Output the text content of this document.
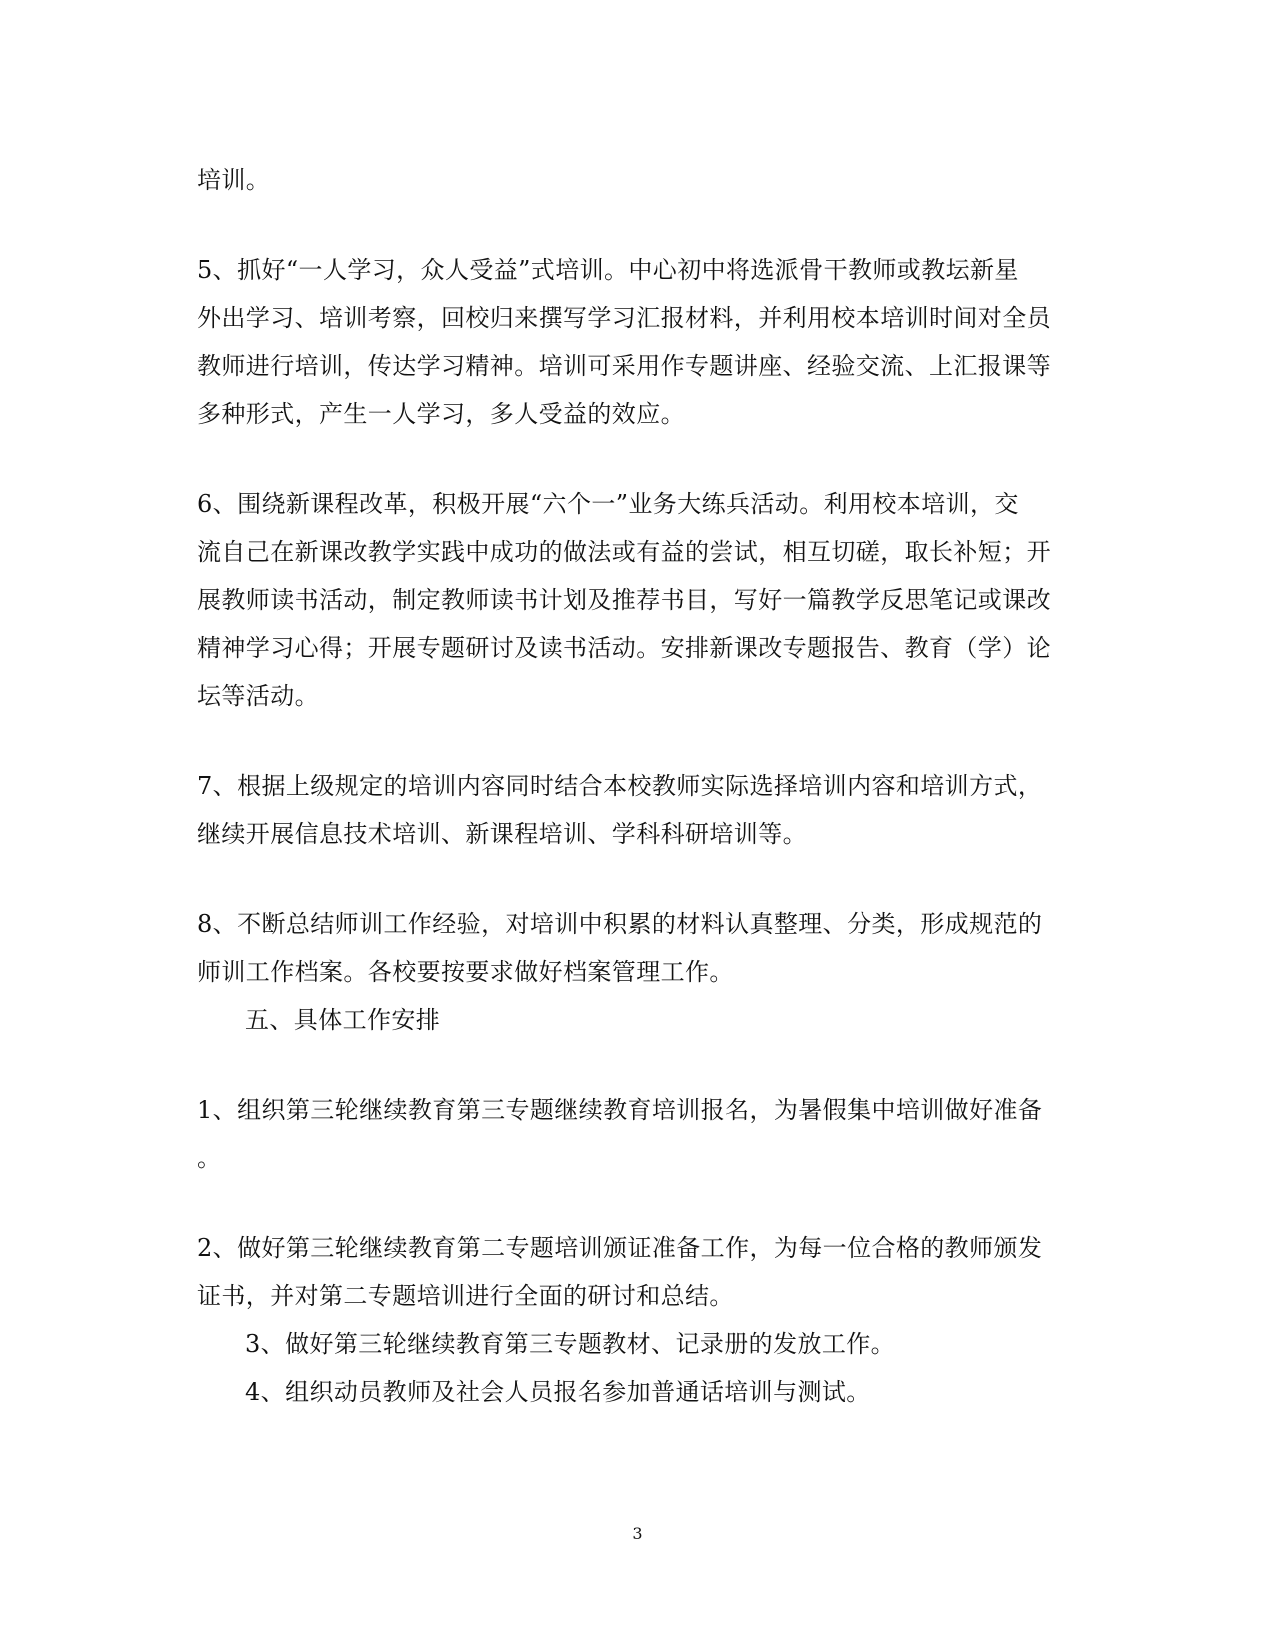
培训。
5、抓好“一人学习，众人受益”式培训。中心初中将选派骨干教师或教坛新星
外出学习、培训考察，回校归来撰写学习汇报材料，并利用校本培训时间对全员
教师进行培训，传达学习精神。培训可采用作专题讲座、经验交流、上汇报课等
多种形式，产生一人学习，多人受益的效应。
6、围绕新课程改革，积极开展“六个一”业务大练兵活动。利用校本培训，交
流自己在新课改教学实践中成功的做法或有益的尝试，相互切磋，取长补短；开
展教师读书活动，制定教师读书计划及推荐书目，写好一篇教学反思笔记或课改
精神学习心得；开展专题研讨及读书活动。安排新课改专题报告、教育（学）论
坛等活动。
7、根据上级规定的培训内容同时结合本校教师实际选择培训内容和培训方式，
继续开展信息技术培训、新课程培训、学科科研培训等。
8、不断总结师训工作经验，对培训中积累的材料认真整理、分类，形成规范的
师训工作档案。各校要按要求做好档案管理工作。
五、具体工作安排
1、组织第三轮继续教育第三专题继续教育培训报名，为暑假集中培训做好准备
。
2、做好第三轮继续教育第二专题培训颁证准备工作，为每一位合格的教师颁发
证书，并对第二专题培训进行全面的研讨和总结。
3、做好第三轮继续教育第三专题教材、记录册的发放工作。
4、组织动员教师及社会人员报名参加普通话培训与测试。
3
